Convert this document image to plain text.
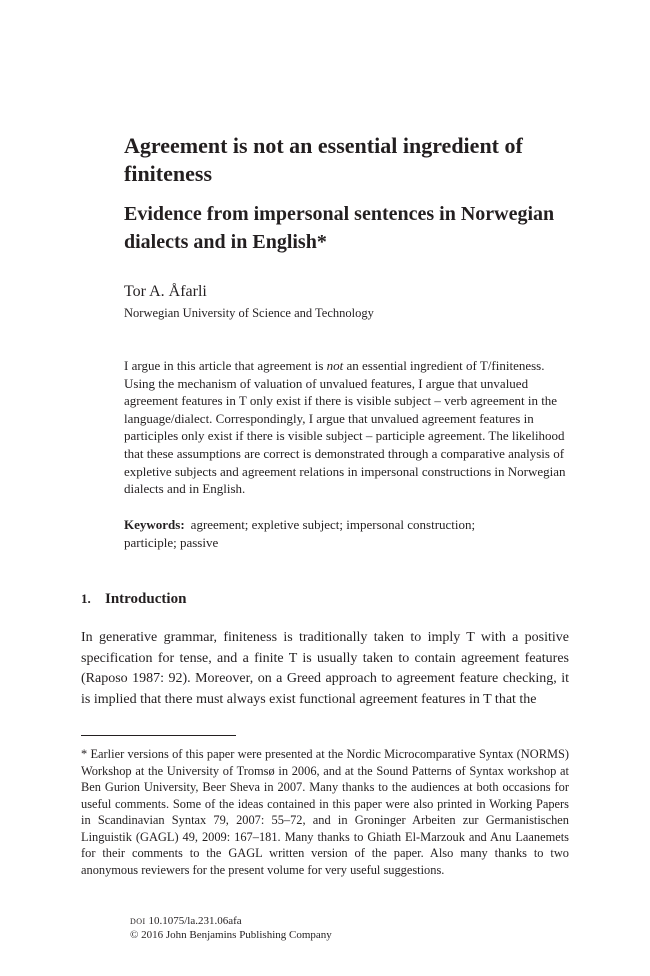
Agreement is not an essential ingredient of finiteness
Evidence from impersonal sentences in Norwegian dialects and in English*
Tor A. Åfarli
Norwegian University of Science and Technology

I argue in this article that agreement is not an essential ingredient of T/finiteness. Using the mechanism of valuation of unvalued features, I argue that unvalued agreement features in T only exist if there is visible subject – verb agreement in the language/dialect. Correspondingly, I argue that unvalued agreement features in participles only exist if there is visible subject – participle agreement. The likelihood that these assumptions are correct is demonstrated through a comparative analysis of expletive subjects and agreement relations in impersonal constructions in Norwegian dialects and in English.

Keywords: agreement; expletive subject; impersonal construction; participle; passive

1. Introduction

In generative grammar, finiteness is traditionally taken to imply T with a positive specification for tense, and a finite T is usually taken to contain agreement features (Raposo 1987: 92). Moreover, on a Greed approach to agreement feature checking, it is implied that there must always exist functional agreement features in T that the

* Earlier versions of this paper were presented at the Nordic Microcomparative Syntax (NORMS) Workshop at the University of Tromsø in 2006, and at the Sound Patterns of Syntax workshop at Ben Gurion University, Beer Sheva in 2007. Many thanks to the audiences at both occasions for useful comments. Some of the ideas contained in this paper were also printed in Working Papers in Scandinavian Syntax 79, 2007: 55–72, and in Groninger Arbeiten zur Germanistischen Linguistik (GAGL) 49, 2009: 167–181. Many thanks to Ghiath El-Marzouk and Anu Laanemets for their comments to the GAGL written version of the paper. Also many thanks to two anonymous reviewers for the present volume for very useful suggestions.

doi 10.1075/la.231.06afa
© 2016 John Benjamins Publishing Company
